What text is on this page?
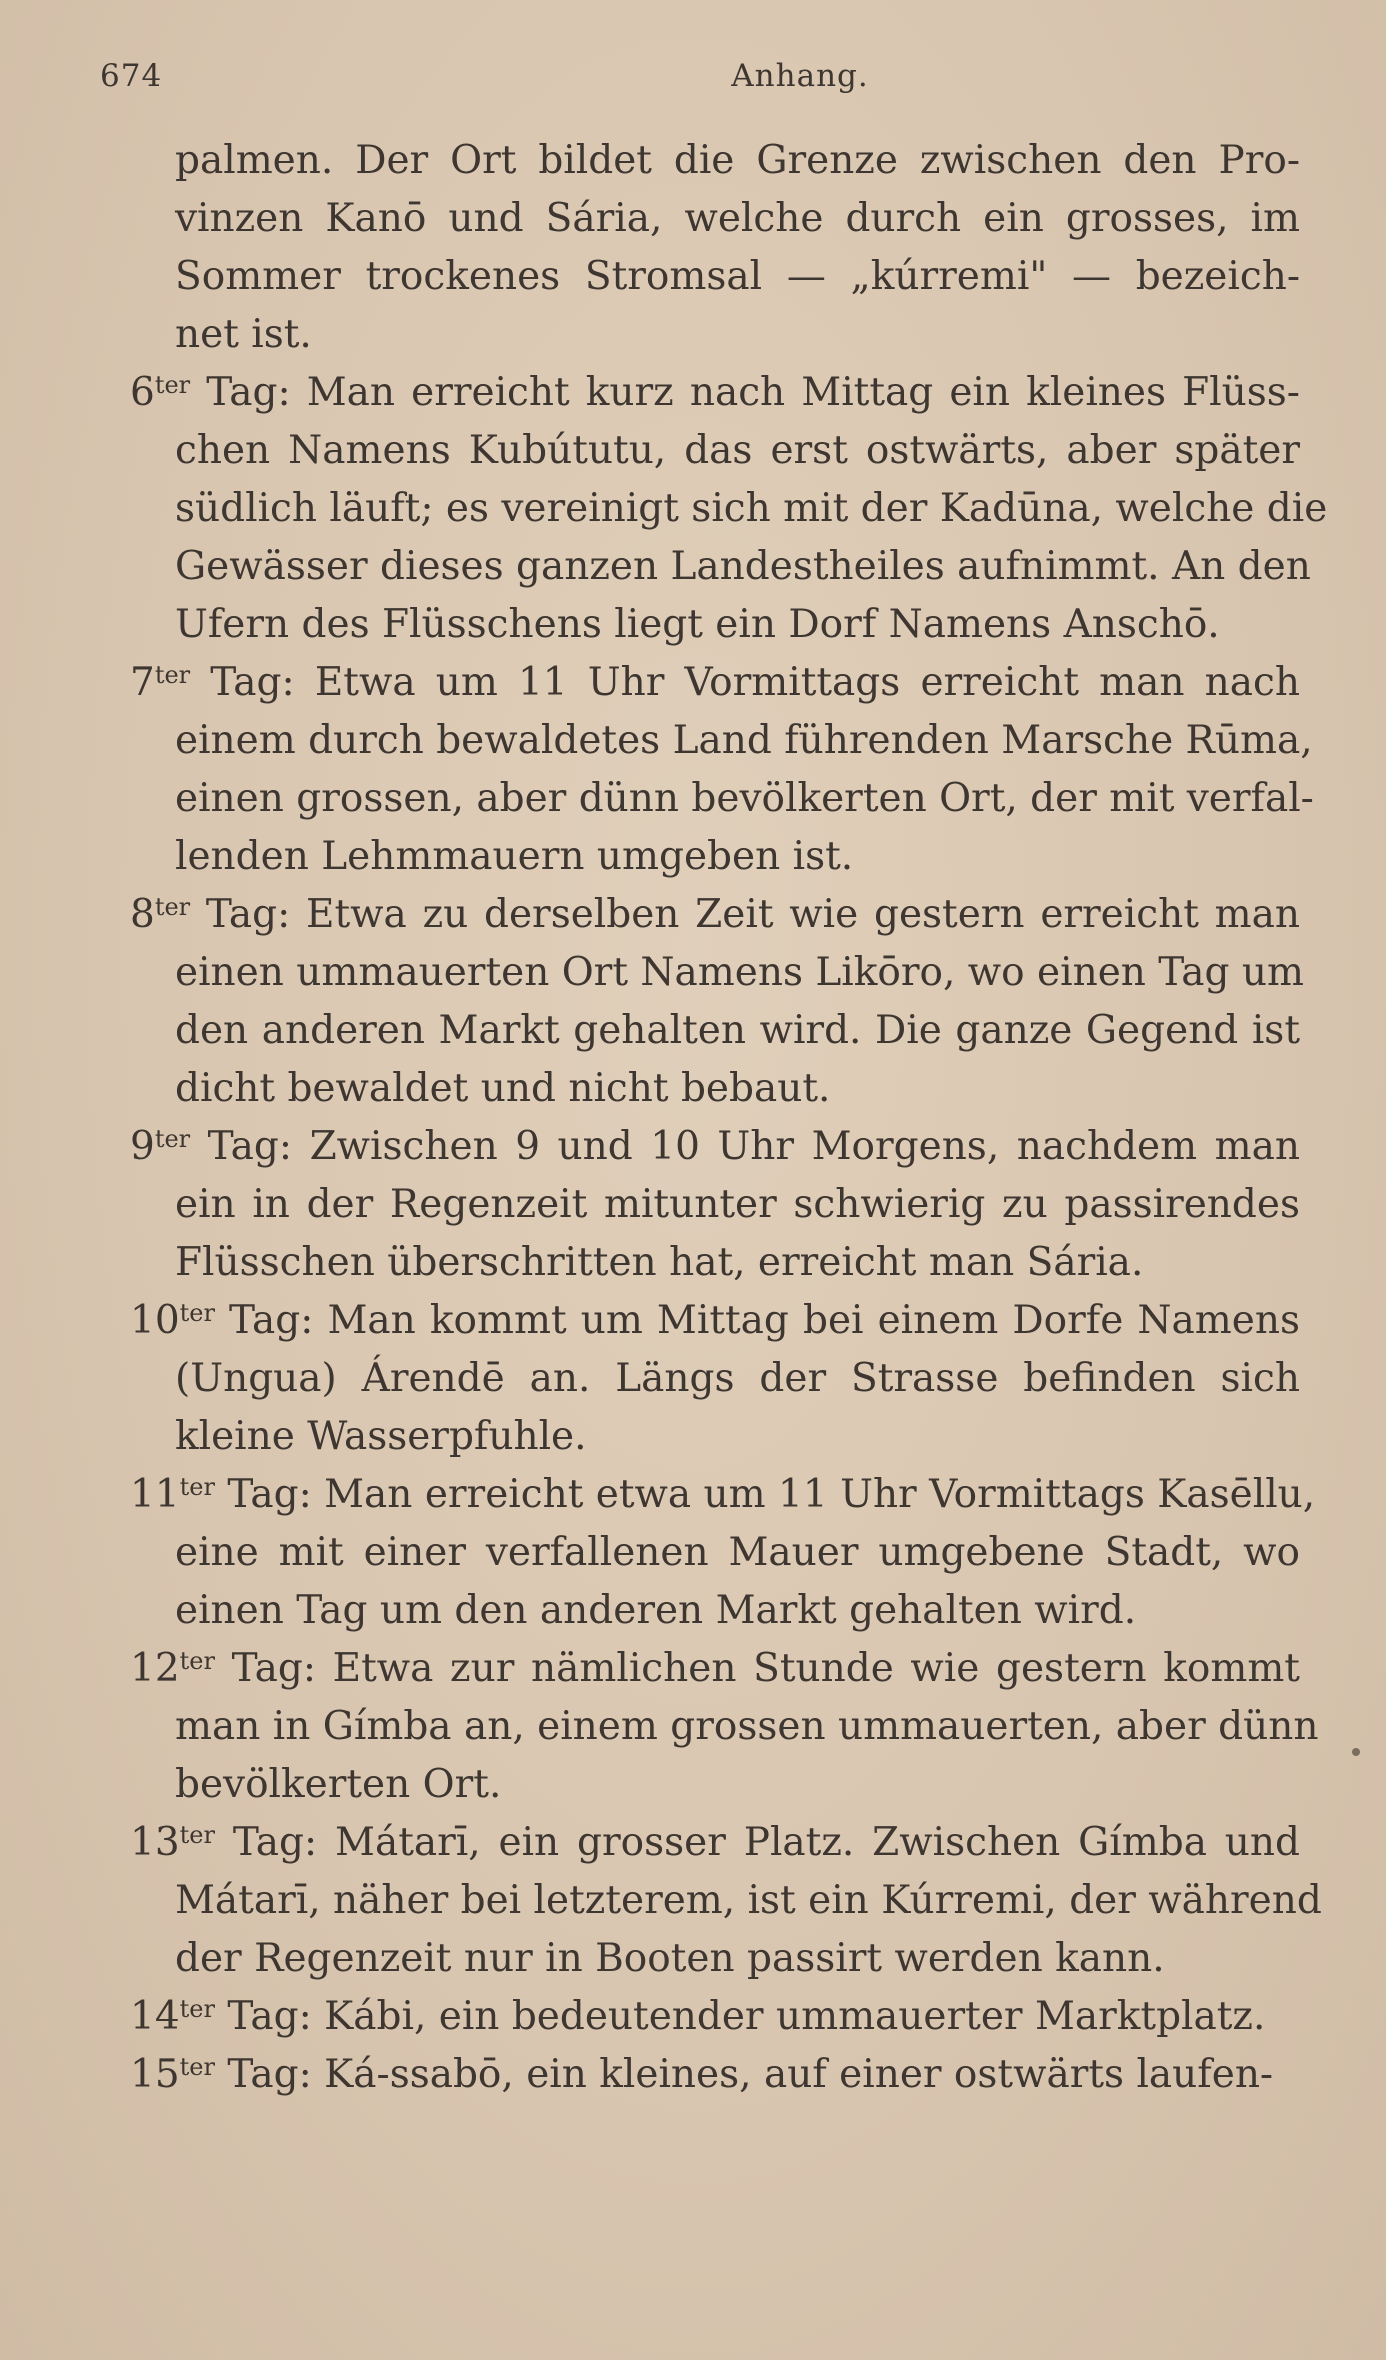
674	Anhang.

palmen. Der Ort bildet die Grenze zwischen den Pro-
vinzen Kanō und Sária, welche durch ein grosses, im
Sommer trockenes Stromsal — „kúrremi" — bezeich-
net ist.

$6^{ter}$ Tag: Man erreicht kurz nach Mittag ein kleines Flüss-
chen Namens Kubútutu, das erst ostwärts, aber später
südlich läuft; es vereinigt sich mit der Kadūna, welche die
Gewässer dieses ganzen Landestheiles aufnimmt. An den
Ufern des Flüsschens liegt ein Dorf Namens Anschō.

$7^{ter}$ Tag: Etwa um 11 Uhr Vormittags erreicht man nach
einem durch bewaldetes Land führenden Marsche Rūma,
einen grossen, aber dünn bevölkerten Ort, der mit verfal-
lenden Lehmmauern umgeben ist.

$8^{ter}$ Tag: Etwa zu derselben Zeit wie gestern erreicht man
einen ummauerten Ort Namens Likōro, wo einen Tag um
den anderen Markt gehalten wird. Die ganze Gegend ist
dicht bewaldet und nicht bebaut.

$9^{ter}$ Tag: Zwischen 9 und 10 Uhr Morgens, nachdem man
ein in der Regenzeit mitunter schwierig zu passirendes
Flüsschen überschritten hat, erreicht man Sária.

$10^{ter}$ Tag: Man kommt um Mittag bei einem Dorfe Namens
(Ungua) Árendē an. Längs der Strasse befinden sich
kleine Wasserpfuhle.

$11^{ter}$ Tag: Man erreicht etwa um 11 Uhr Vormittags Kasēllu,
eine mit einer verfallenen Mauer umgebene Stadt, wo
einen Tag um den anderen Markt gehalten wird.

$12^{ter}$ Tag: Etwa zur nämlichen Stunde wie gestern kommt
man in Gímba an, einem grossen ummauerten, aber dünn
bevölkerten Ort.

$13^{ter}$ Tag: Mátarī, ein grosser Platz. Zwischen Gímba und
Mátarī, näher bei letzterem, ist ein Kúrremi, der während
der Regenzeit nur in Booten passirt werden kann.

$14^{ter}$ Tag: Kábi, ein bedeutender ummauerter Marktplatz.

$15^{ter}$ Tag: Ká-ssabō, ein kleines, auf einer ostwärts laufen-
